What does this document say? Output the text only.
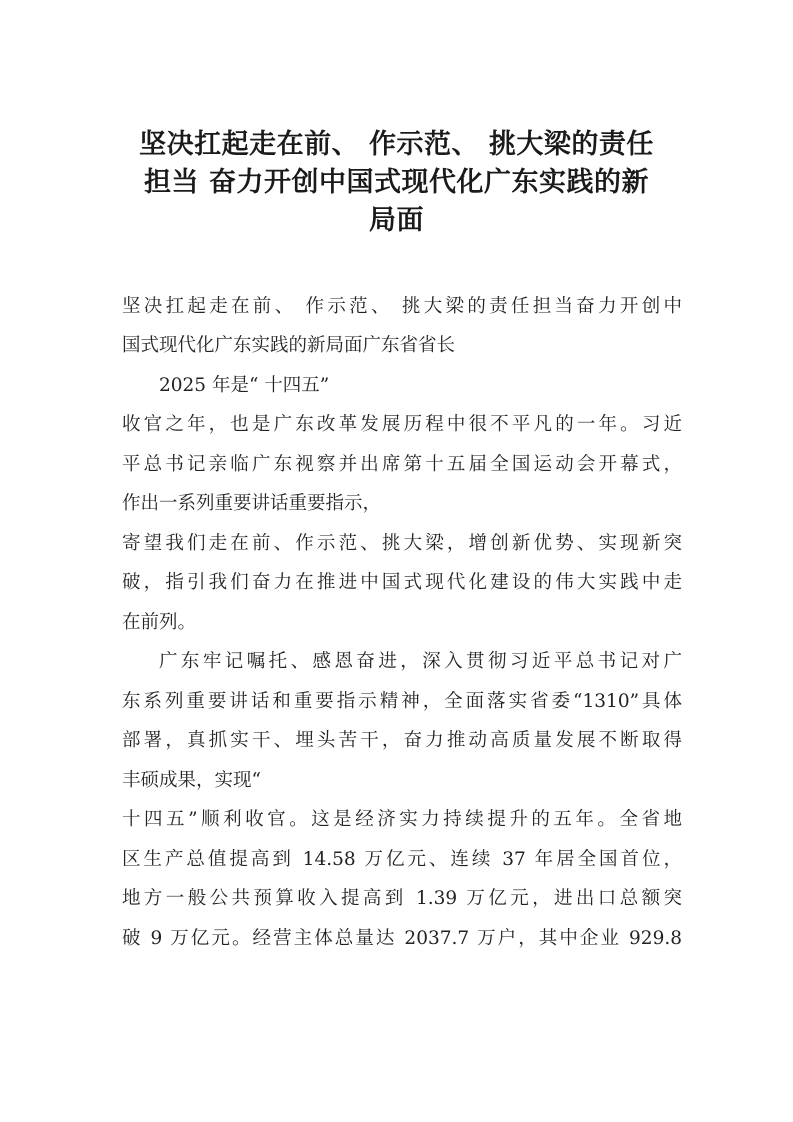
坚决扛起走在前、 作示范、 挑大梁的责任
担当 奋力开创中国式现代化广东实践的新
局面
坚决扛起走在前、 作示范、 挑大梁的责任担当奋力开创中
国式现代化广东实践的新局面广东省省长
2025 年是“ 十四五”
收官之年，也是广东改革发展历程中很不平凡的一年。习近
平总书记亲临广东视察并出席第十五届全国运动会开幕式，
作出一系列重要讲话重要指示，
寄望我们走在前、作示范、挑大梁，增创新优势、实现新突
破，指引我们奋力在推进中国式现代化建设的伟大实践中走
在前列。
广东牢记嘱托、感恩奋进，深入贯彻习近平总书记对广
东系列重要讲话和重要指示精神，全面落实省委“1310”具体
部署，真抓实干、埋头苦干，奋力推动高质量发展不断取得
丰硕成果，实现“
十四五”顺利收官。这是经济实力持续提升的五年。全省地
区生产总值提高到 14.58 万亿元、连续 37 年居全国首位，
地方一般公共预算收入提高到 1.39 万亿元，进出口总额突
破 9 万亿元。经营主体总量达 2037.7 万户，其中企业 929.8
